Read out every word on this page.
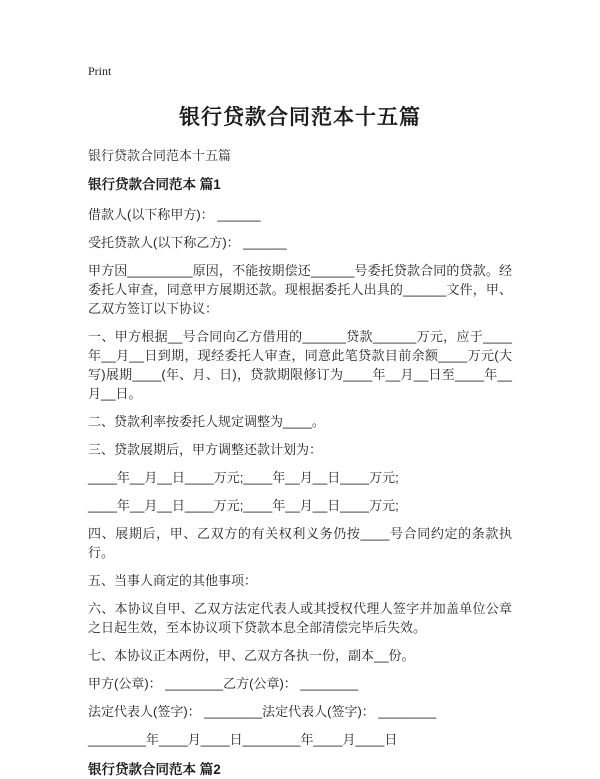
Print
银行贷款合同范本十五篇
银行贷款合同范本十五篇
银行贷款合同范本 篇1

借款人(以下称甲方)： ______

受托贷款人(以下称乙方)： ______

甲方因_________原因，不能按期偿还______号委托贷款合同的贷款。经委托人审查，同意甲方展期还款。现根据委托人出具的______文件，甲、乙双方签订以下协议：

一、甲方根据__号合同向乙方借用的______贷款______万元，应于____年__月__日到期，现经委托人审查，同意此笔贷款目前余额____万元(大写)展期____(年、月、日)，贷款期限修订为____年__月__日至____年__月__日。

二、贷款利率按委托人规定调整为____。

三、贷款展期后，甲方调整还款计划为：

____年__月__日____万元;____年__月__日____万元;

____年__月__日____万元;____年__月__日____万元;

四、展期后，甲、乙双方的有关权利义务仍按____号合同约定的条款执行。

五、当事人商定的其他事项：

六、本协议自甲、乙双方法定代表人或其授权代理人签字并加盖单位公章之日起生效，至本协议项下贷款本息全部清偿完毕后失效。

七、本协议正本两份，甲、乙双方各执一份，副本__份。

甲方(公章)： ________乙方(公章)： ________

法定代表人(签字)： ________法定代表人(签字)： ________

________年____月____日________年____月____日

银行贷款合同范本 篇2
